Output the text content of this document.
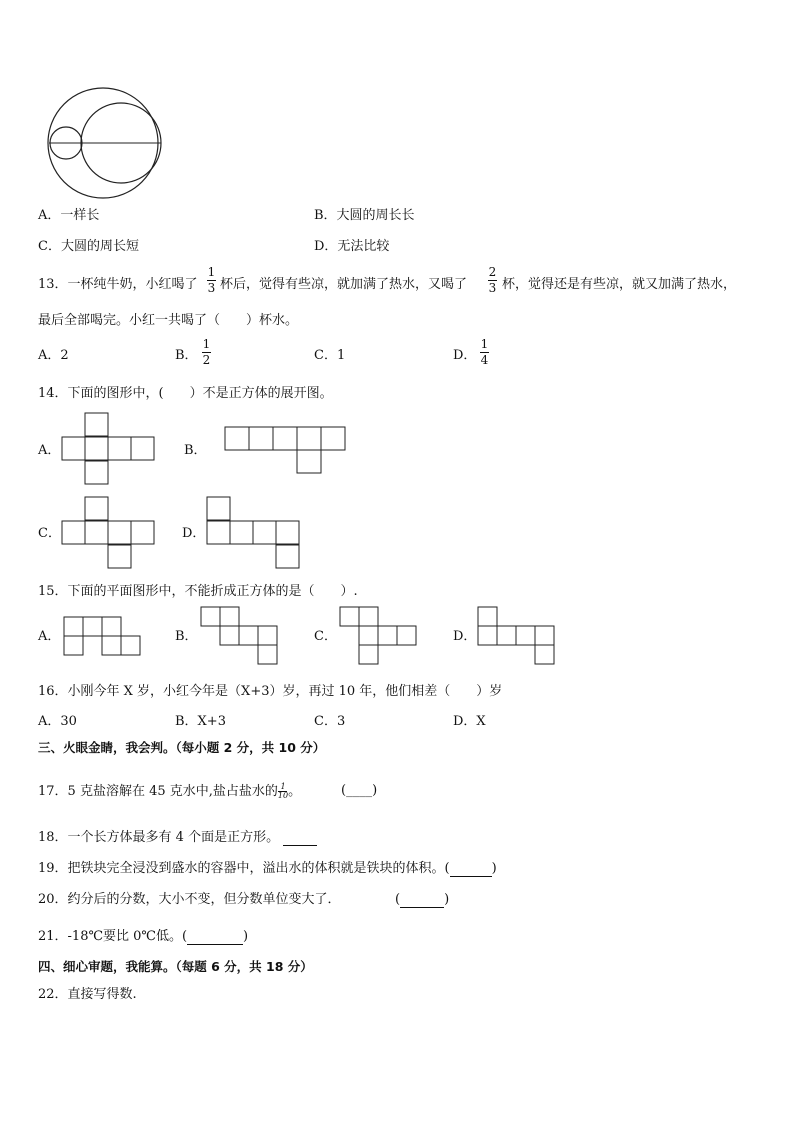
A．一样长	B．大圆的周长长
C．大圆的周长短	D．无法比较
13．一杯纯牛奶，小红喝了
1
3 杯后，觉得有些凉，就加满了热水，又喝了
2
3 杯，觉得还是有些凉，就又加满了热水，
最后全部喝完。小红一共喝了（　　）杯水。
A．2	B．
1
2	C．1	D．
1
4
14．下面的图形中，(　　）不是正方体的展开图。
A．	B．
C．	D．
15．下面的平面图形中，不能折成正方体的是（　　）.
A．	B．	C．	D．
16．小刚今年 X 岁，小红今年是（X+3）岁，再过 10 年，他们相差（　　）岁
A．30	B．X+3	C．3	D．X
三、火眼金睛，我会判。（每小题 2 分，共 10 分）
17．5 克盐溶解在 45 克水中,盐占盐水的 $\frac{1}{10}$ 。	(____)
18．一个长方体最多有 4 个面是正方形。
19．把铁块完全浸没到盛水的容器中，溢出水的体积就是铁块的体积。(	)
20．约分后的分数，大小不变，但分数单位变大了．	(	)
21．-18℃要比 0℃低。(	)
四、细心审题，我能算。（每题 6 分，共 18 分）
22．直接写得数.
